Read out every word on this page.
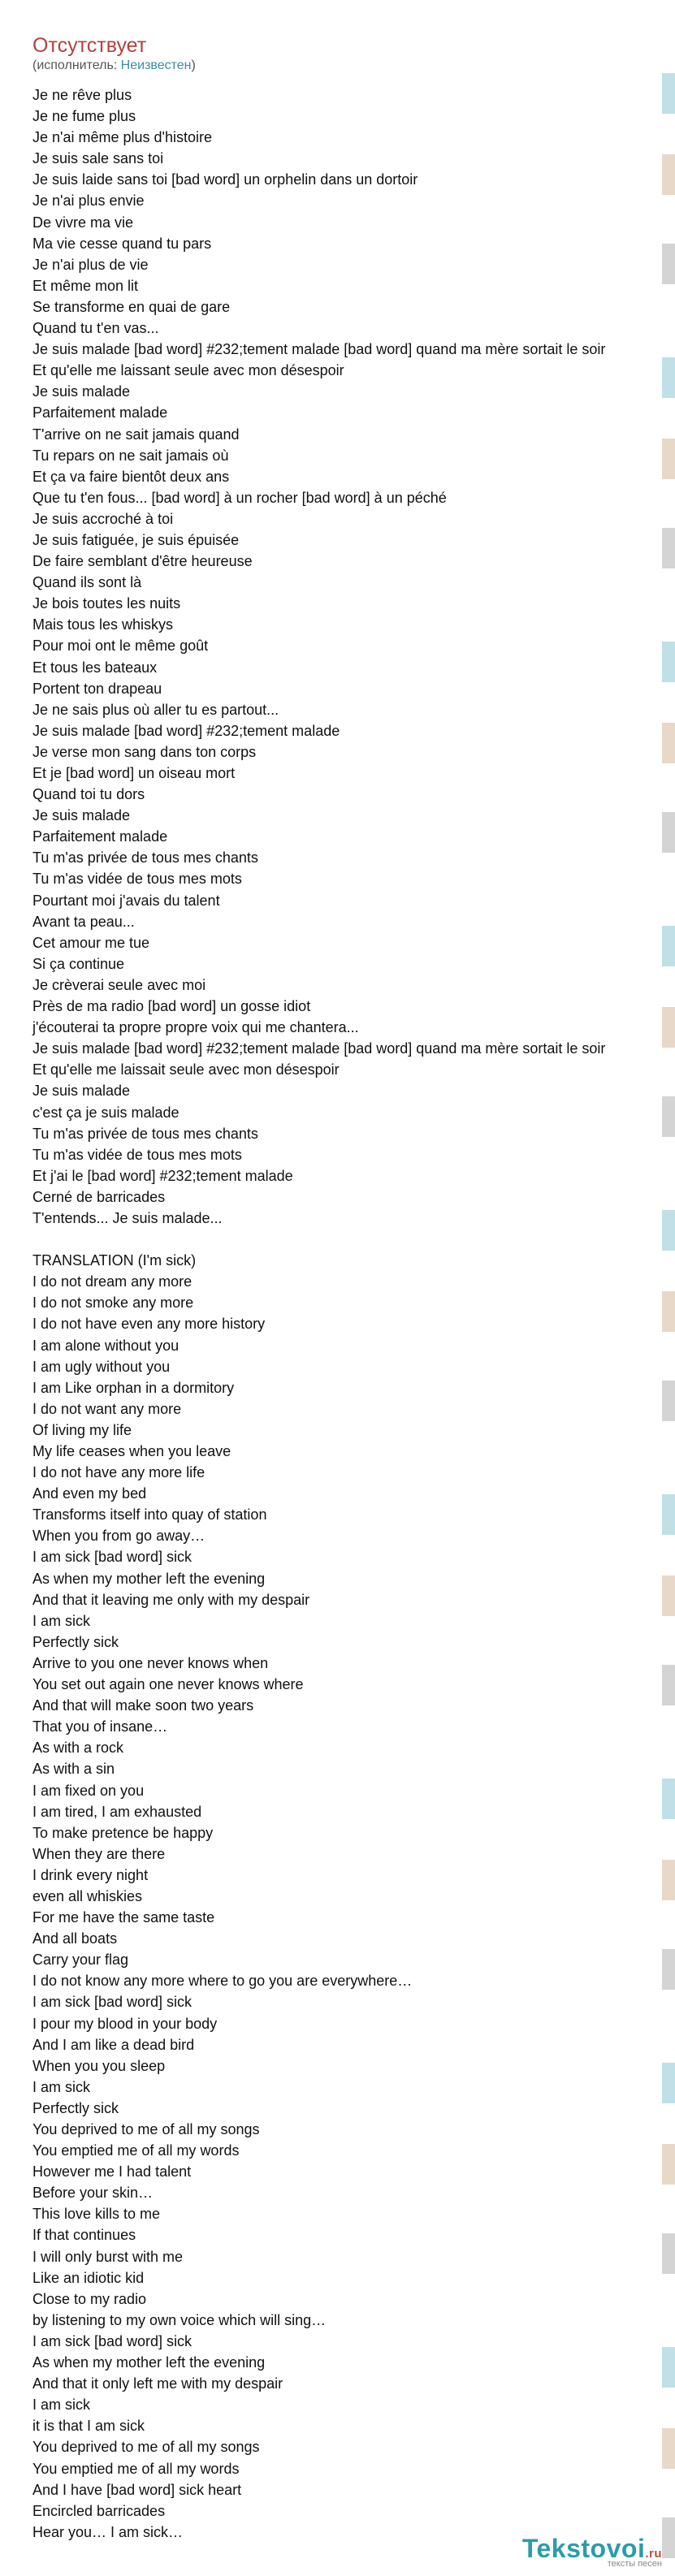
Отсутствует
(исполнитель: Неизвестен)
Je ne rêve plus
Je ne fume plus
Je n'ai même plus d'histoire
Je suis sale sans toi
Je suis laide sans toi [bad word] un orphelin dans un dortoir
Je n'ai plus envie
De vivre ma vie
Ma vie cesse quand tu pars
Je n'ai plus de vie
Et même mon lit
Se transforme en quai de gare
Quand tu t'en vas...
Je suis malade [bad word] #232;tement malade [bad word] quand ma mère sortait le soir
Et qu'elle me laissant seule avec mon désespoir
Je suis malade
Parfaitement malade
T'arrive on ne sait jamais quand
Tu repars on ne sait jamais où
Et ça va faire bientôt deux ans
Que tu t'en fous... [bad word] à un rocher [bad word] à un péché
Je suis accroché à toi
Je suis fatiguée, je suis épuisée
De faire semblant d'être heureuse
Quand ils sont là
Je bois toutes les nuits
Mais tous les whiskys
Pour moi ont le même goût
Et tous les bateaux
Portent ton drapeau
Je ne sais plus où aller tu es partout...
Je suis malade [bad word] #232;tement malade
Je verse mon sang dans ton corps
Et je [bad word] un oiseau mort
Quand toi tu dors
Je suis malade
Parfaitement malade
Tu m'as privée de tous mes chants
Tu m'as vidée de tous mes mots
Pourtant moi j'avais du talent
Avant ta peau...
Cet amour me tue
Si ça continue
Je crèverai seule avec moi
Près de ma radio [bad word] un gosse idiot
j'écouterai ta propre propre voix qui me chantera...
Je suis malade [bad word] #232;tement malade [bad word] quand ma mère sortait le soir
Et qu'elle me laissait seule avec mon désespoir
Je suis malade
c'est ça je suis malade
Tu m'as privée de tous mes chants
Tu m'as vidée de tous mes mots
Et j'ai le [bad word] #232;tement malade
Cerné de barricades
T'entends... Je suis malade...
TRANSLATION (I'm sick)
I do not dream any more
I do not smoke any more
I do not have even any more history
I am alone without you
I am ugly without you
I am Like orphan in a dormitory
I do not want any more
Of living my life
My life ceases when you leave
I do not have any more life
And even my bed
Transforms itself into quay of station
When you from go away…
I am sick [bad word] sick
As when my mother left the evening
And that it leaving me only with my despair
I am sick
Perfectly sick
Arrive to you one never knows when
You set out again one never knows where
And that will make soon two years
That you of insane…
As with a rock
As with a sin
I am fixed on you
I am tired, I am exhausted
To make pretence be happy
When they are there
I drink every night
even all whiskies
For me have the same taste
And all boats
Carry your flag
I do not know any more where to go you are everywhere…
I am sick [bad word] sick
I pour my blood in your body
And I am like a dead bird
When you you sleep
I am sick
Perfectly sick
You deprived to me of all my songs
You emptied me of all my words
However me I had talent
Before your skin…
This love kills to me
If that continues
I will only burst with me
Like an idiotic kid
Close to my radio
by listening to my own voice which will sing…
I am sick [bad word] sick
As when my mother left the evening
And that it only left me with my despair
I am sick
it is that I am sick
You deprived to me of all my songs
You emptied me of all my words
And I have [bad word] sick heart
Encircled barricades
Hear you… I am sick…
Tekstovoi.ru
тексты песен
